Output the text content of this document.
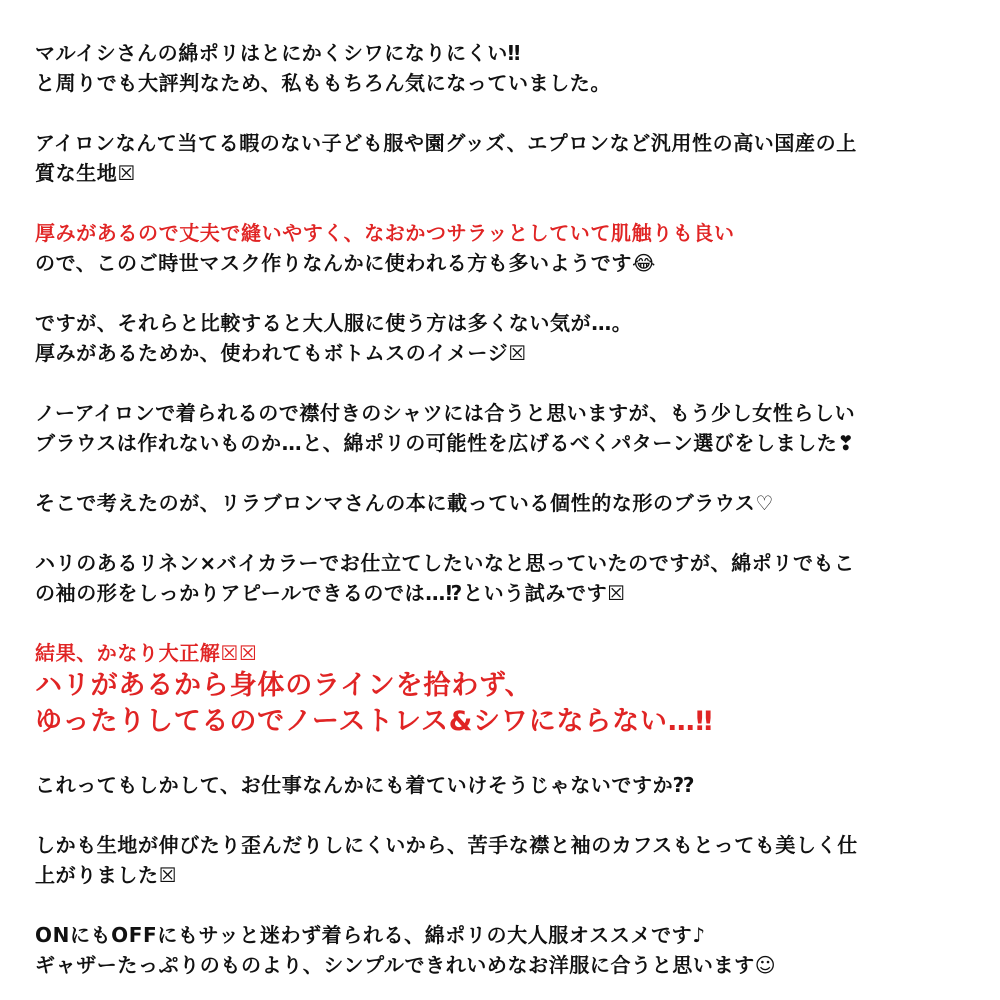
マルイシさんの綿ポリはとにかくシワになりにくい‼︎
と周りでも大評判なため、私ももちろん気になっていました。
アイロンなんて当てる暇のない子ども服や園グッズ、エプロンなど汎用性の高い国産の上
質な生地☒
厚みがあるので丈夫で縫いやすく、なおかつサラッとしていて肌触りも良い
ので、このご時世マスク作りなんかに使われる方も多いようです😂
ですが、それらと比較すると大人服に使う方は多くない気が…。
厚みがあるためか、使われてもボトムスのイメージ☒
ノーアイロンで着られるので襟付きのシャツには合うと思いますが、もう少し女性らしい
ブラウスは作れないものか…と、綿ポリの可能性を広げるべくパターン選びをしました❣
そこで考えたのが、リラブロンマさんの本に載っている個性的な形のブラウス♡
ハリのあるリネン×バイカラーでお仕立てしたいなと思っていたのですが、綿ポリでもこ
の袖の形をしっかりアピールできるのでは…⁉︎という試みです☒
結果、かなり大正解☒☒
ハリがあるから身体のラインを拾わず、
ゆったりしてるのでノーストレス&シワにならない…‼︎
これってもしかして、お仕事なんかにも着ていけそうじゃないですか⁇
しかも生地が伸びたり歪んだりしにくいから、苦手な襟と袖のカフスもとっても美しく仕
上がりました☒
ONにもOFFにもサッと迷わず着られる、綿ポリの大人服オススメです♪
ギャザーたっぷりのものより、シンプルできれいめなお洋服に合うと思います☺
